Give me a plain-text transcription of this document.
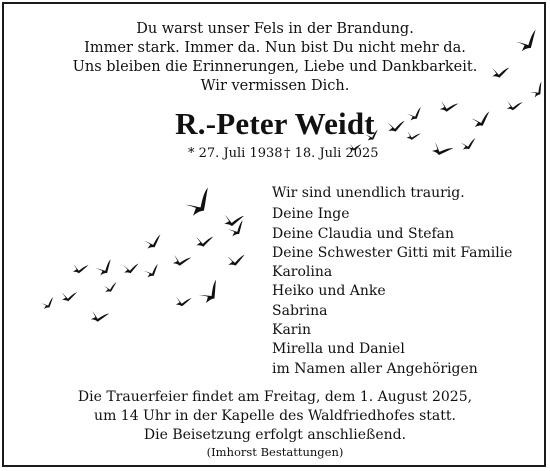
Du warst unser Fels in der Brandung.
Immer stark. Immer da. Nun bist Du nicht mehr da.
Uns bleiben die Erinnerungen, Liebe und Dankbarkeit.
Wir vermissen Dich.
R.-Peter Weidt
* 27. Juli 1938 † 18. Juli 2025
Wir sind unendlich traurig.
Deine Inge
Deine Claudia und Stefan
Deine Schwester Gitti mit Familie
Karolina
Heiko und Anke
Sabrina
Karin
Mirella und Daniel
im Namen aller Angehörigen
Die Trauerfeier findet am Freitag, dem 1. August 2025,
um 14 Uhr in der Kapelle des Waldfriedhofes statt.
Die Beisetzung erfolgt anschließend.
(Imhorst Bestattungen)
